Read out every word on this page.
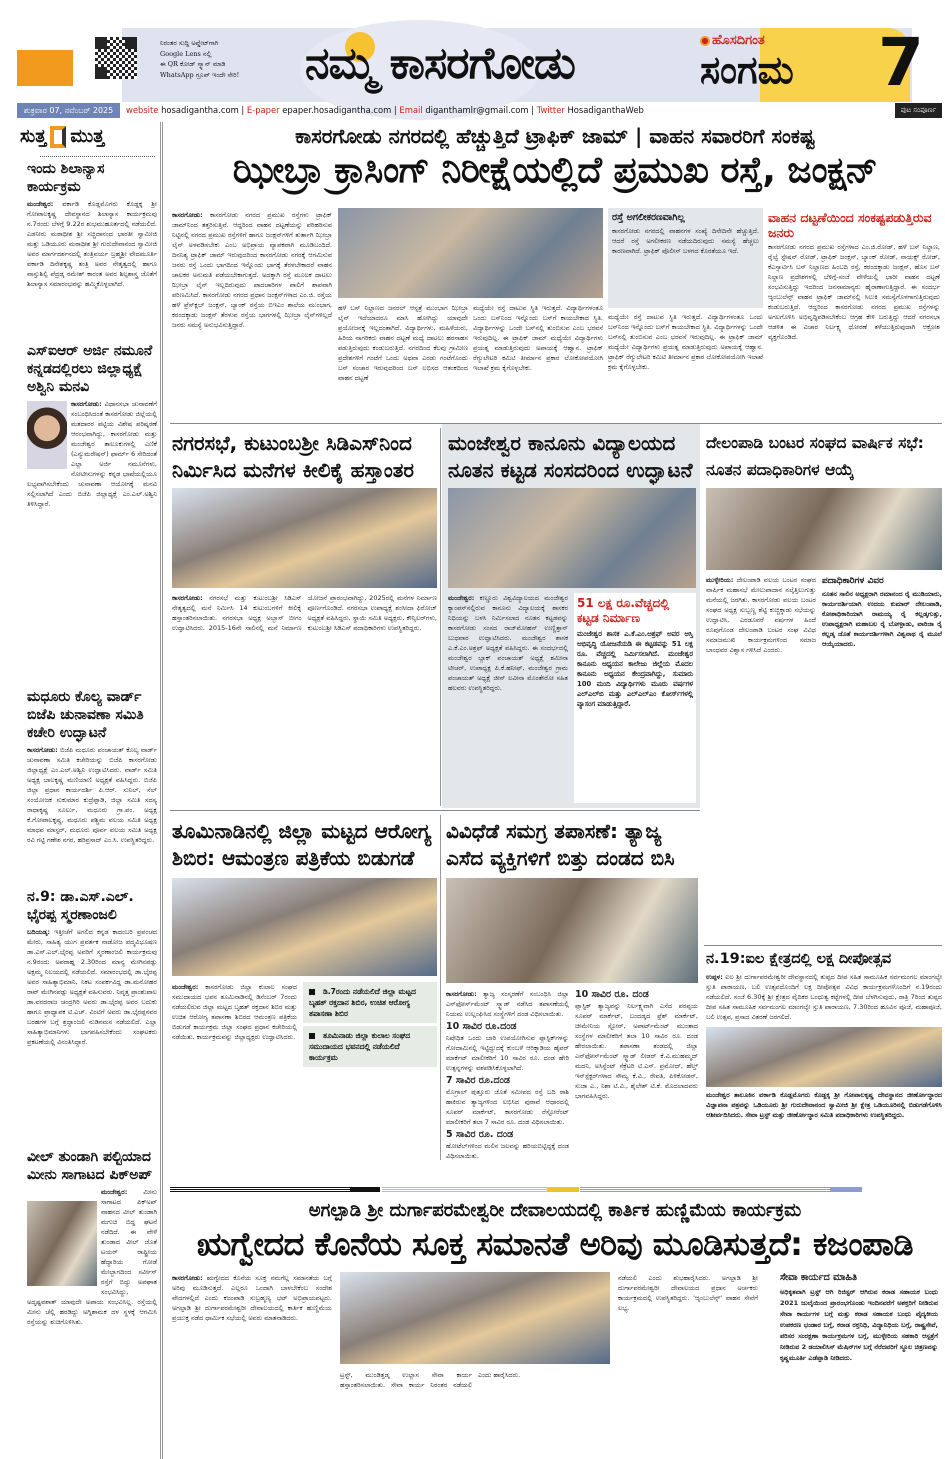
ನಿರಂತರ ಸುದ್ದಿ ಅಪ್ಡೇಟ್‌ಗಾಗಿ
Google Lens ನಲ್ಲಿ
ಈ QR ಕೋಡ್ ಸ್ಕ್ಯಾನ್ ಮಾಡಿ
WhatsApp ಗ್ರೂಪ್ ಇಂದೇ ಸೇರಿ!	ನಮ್ಮ ಕಾಸರಗೋಡು	ಹೊಸದಿಗಂತ
ಸಂಗಮ 7
ಶುಕ್ರವಾರ 07, ನವೆಂಬರ್ 2025	website hosadigantha.com | E-paper epaper.hosadigantha.com | Email diganthamlr@gmail.com | Twitter HosadiganthaWeb	ಪುಟ ಸಂಪೂರ್ಣ
ಸುತ್ತ ಮುತ್ತ
ಇಂದು ಶಿಲಾನ್ಯಾಸ ಕಾರ್ಯಕ್ರಮ
ಮಂಜೇಶ್ವರ: ವರ್ಕಾಡಿ ಕೊಡ್ಲಮೊಗರು ಕೊಡ್ದಕ್ಕ ಶ್ರೀ ಗೋಪಾಲಕೃಷ್ಣ ದೇವಸ್ಥಾನದ ಶಿಲಾನ್ಯಾಸ ಕಾರ್ಯಕ್ರಮವು ನ.7ರಂದು ಬೆಳಗ್ಗೆ 9.22ರ ಶುಭಮುಹೂರ್ತದಲ್ಲಿ ನಡೆಯಲಿದೆ. ಎಡನೀರು ಮಠಾಧೀಶ ಶ್ರೀ ಸಚ್ಚಿದಾನಂದ ಭಾರತೀ ಸ್ವಾಮೀಜಿ ಮತ್ತು ಒಡಿಯೂರು ಮಠಾಧೀಶ ಶ್ರೀ ಗುರುದೇವಾನಂದ ಸ್ವಾಮೀಜಿ ಅವರ ಮಾರ್ಗದರ್ಶನದಲ್ಲಿ ತಂತ್ರಿವರ್ಯ ಬ್ರಹ್ಮಶ್ರೀ ವೇದಮೂರ್ತಿ ವರ್ಕಾಡಿ ದಿನೇಶಕೃಷ್ಣ ತಂತ್ರಿ ಅವರ ನೇತೃತ್ವದಲ್ಲಿ ಹಾಗೂ ವಾಸ್ತುಶಿಲ್ಪಿ ಪೆದ್ರಡ್ಕ ರಮೇಶ್ ಕಾರಂತ ಅವರ ಶಿಲ್ಪಶಾಸ್ತ್ರ ಜೊತೆಗೆ ಶಿಲಾನ್ಯಾಸ ಸಮಾರಂಭವನ್ನು ಹಮ್ಮಿಕೊಳ್ಳಲಾಗಿದೆ.
ಎಸ್‌ಐಆರ್ ಅರ್ಜಿ ನಮೂನೆ ಕನ್ನಡದಲ್ಲಿರಲು ಜಿಲ್ಲಾಧ್ಯಕ್ಷೆ ಅಶ್ವಿನಿ ಮನವಿ
ಕಾಸರಗೋಡು: ವಿಧಾನಸಭಾ ಚುನಾವಣೆಗೆ ಸಂಬಂಧಿಸಿದಂತೆ ಕಾಸರಗೋಡು ಜಿಲ್ಲೆಯಲ್ಲಿ ಮತದಾರರ ಪಟ್ಟಿಯ ವಿಶೇಷ ಪರಿಷ್ಕರಣೆ ಆರಂಭವಾಗಿದ್ದು, ಕಾಸರಗೋಡು ಮತ್ತು ಮಂಜೇಶ್ವರ ತಾಲೂಕುಗಳಲ್ಲಿ ಎಣಿಕೆ (ಎನ್ಯುಮರೇಷನ್) ಫಾರ್ಮ್ 6 ಸೇರಿದಂತೆ ಎಲ್ಲಾ ಅರ್ಜಿ ನಮೂನೆಗಳು, ನೋಟೀಸುಗಳನ್ನು ಕನ್ನಡ ಭಾಷೆಯಲ್ಲಿಯೂ ಲಭ್ಯವಾಗಿಸಬೇಕೆಂದು ಚುನಾವಣಾ ಆಯೋಗಕ್ಕೆ ಮನವಿ ಸಲ್ಲಿಸಲಾಗಿದೆ ಎಂದು ಬಿಜೆಪಿ ಜಿಲ್ಲಾಧ್ಯಕ್ಷೆ ಎಂ.ಎಲ್.ಅಶ್ವಿನಿ ತಿಳಿಸಿದ್ದಾರೆ.
ಮಧೂರು ಕೊಲ್ಯ ವಾರ್ಡ್ ಬಿಜೆಪಿ ಚುನಾವಣಾ ಸಮಿತಿ ಕಚೇರಿ ಉದ್ಘಾಟನೆ
ಕಾಸರಗೋಡು: ಬಿಜೆಪಿ ಮಧೂರು ಪಂಚಾಯತ್ ಕೊಲ್ಯ ವಾರ್ಡ್ ಚುನಾವಣಾ ಸಮಿತಿ ಕಚೇರಿಯನ್ನು ಬಿಜೆಪಿ ಕಾಸರಗೋಡು ಜಿಲ್ಲಾಧ್ಯಕ್ಷೆ ಎಂ.ಎಲ್.ಅಶ್ವಿನಿ ಉದ್ಘಾಟಿಸಿದರು. ವಾರ್ಡ್ ಸಮಿತಿ ಅಧ್ಯಕ್ಷ ಬಾಲಕೃಷ್ಣ ಮಣಿಯಾಣಿ ಅಧ್ಯಕ್ಷತೆ ವಹಿಸಿದ್ದರು. ಬಿಜೆಪಿ ಜಿಲ್ಲಾ ಪ್ರಧಾನ ಕಾರ್ಯದರ್ಶಿ ಪಿ.ಆರ್. ಸುನಿಲ್, ಸೆಲ್ ಸಂಯೋಜಕ ಸುಕುಮಾರ ಕುದ್ರೆಪ್ಪಾಡಿ, ಜಿಲ್ಲಾ ಸಮಿತಿ ಸದಸ್ಯ ರಾಧಾಕೃಷ್ಣ ಸೂರ್ಲು, ಮಧೂರು ಗ್ರಾ.ಪಂ. ಅಧ್ಯಕ್ಷ ಕೆ.ಗೋಪಾಲಕೃಷ್ಣ, ಮಧೂರು ಪಶ್ಚಿಮ ವಲಯ ಸಮಿತಿ ಅಧ್ಯಕ್ಷ ಮಾಧವ ಮಾಸ್ಟರ್, ಮಧೂರು ಪೂರ್ವ ವಲಯ ಸಮಿತಿ ಅಧ್ಯಕ್ಷ ರವಿ ಗಟ್ಟಿ ಗಣೇಶ ನಗರ, ಹರಿಪ್ರಸಾದ್ ಎಂ.ಸಿ. ಉಪಸ್ಥಿತರಿದ್ದರು.
ನ.9: ಡಾ.ಎಸ್.ಎಲ್. ಭೈರಪ್ಪ ಸ್ಮರಣಾಂಜಲಿ
ಬದಿಯಡ್ಕ: ಇತ್ತೀಚೆಗೆ ಅಗಲಿದ ಕನ್ನಡ ಕಾದಂಬರಿ ಪ್ರಪಂಚದ ಮೇರು, ಸಾಹಿತ್ಯ ಯುಗ ಪ್ರವರ್ತಕ ನಾಡೋಜ ಪದ್ಮವಿಭೂಷಣ ಡಾ.ಎಸ್.ಎಲ್.ಭೈರಪ್ಪ ಅವರಿಗೆ ಸ್ಮರಣಾಂಜಲಿ ಕಾರ್ಯಕ್ರಮವು ನ.9ರಂದು ಅಪರಾಹ್ನ 2.30ರಿಂದ ಮಾನ್ಯ ಮೇಗಿನಪಡ್ಪು ಅಕ್ಷಮ್ಮ ನಿಲಯದಲ್ಲಿ ನಡೆಯಲಿದೆ. ಸಮಾರಂಭದಲ್ಲಿ ಡಾ.ಭೈರಪ್ಪ ಅವರ ಸಾಹಿತ್ಯಾಭಿಮಾನಿ, ನಿಕಟ ಸಂಪರ್ಕವಿದ್ದ ಡಾ.ಮನೋಹರ ರಾವ್ ಮೇಗಿನಪಡ್ಪು ಅಧ್ಯಕ್ಷತೆ ವಹಿಸುವರು. ನಿವೃತ್ತ ಪ್ರಾಂಶುಪಾಲ ಡಾ.ವರದರಾಜ ಚಂದ್ರಗಿರಿ ಅವರು ಡಾ.ಭೈರಪ್ಪ ಅವರ ಬದುಕು ಹಾಗೂ ಪ್ರಾಧ್ಯಾಪಕ ಟಿ.ಎಚ್. ವಿಂಟಿಗೆ ಅವರು ಡಾ.ಭೈರಪ್ಪನವರ ಬರಹಗಳ ಬಗ್ಗೆ ಶ್ರದ್ಧಾಂಜಲಿ ನುಡಿನಮನ ನಡೆಯಲಿದೆ. ಎಲ್ಲಾ ಸಾಹಿತ್ಯಾಭಿಮಾನಿಗಳು ಭಾಗವಹಿಸಬೇಕೆಂದು ಸಂಘಟಕರು ಪ್ರಕಟಣೆಯಲ್ಲಿ ವಿನಂತಿಸಿದ್ದಾರೆ.
ವೀಲ್ ತುಂಡಾಗಿ ಪಲ್ಟಿಯಾದ ಮೀನು ಸಾಗಾಟದ ಪಿಕ್‌ಅಪ್
ಮಂಜೇಶ್ವರ: ಮೀನು ಸಾಗಾಟದ ಪಿಕ್‌ಅಪ್ ವಾಹನದ ವೀಲ್ ತುಂಡಾಗಿ ಮಗುಚಿ ಬಿದ್ದ ಘಟನೆ ನಡೆದಿದೆ. ಈ ವೇಳೆ ತುಂಡಾದ ವೀಲ್ ಜೊತೆ ಟಯರ್ ರಾಷ್ಟ್ರೀಯ ಹೆದ್ದಾರಿಯ ಗೋಡೆ ಮೇಲ್ಭಾಗದಿಂದ ಸರ್ವೀಸ್ ರಸ್ತೆಗೆ ಬಿದ್ದು ಅಪಘಾತ ಸಂಭವಿಸಿದ್ದು, ಅದೃಷ್ಟವಶಾತ್ ಯಾವುದೇ ಅಪಾಯ ಸಂಭವಿಸಿಲ್ಲ. ರಸ್ತೆಯಲ್ಲಿ ಮೀನು ಚೆಲ್ಲಿ ಹರಡಿದ್ದು ಅಗ್ನಿಶಾಮಕ ದಳ ಸ್ಥಳಕ್ಕೆ ಆಗಮಿಸಿ ರಸ್ತೆಯನ್ನು ಶುಚಿಗೊಳಿಸಿತು.
ಕಾಸರಗೋಡು ನಗರದಲ್ಲಿ ಹೆಚ್ಚುತ್ತಿದೆ ಟ್ರಾಫಿಕ್ ಜಾಮ್ | ವಾಹನ ಸವಾರರಿಗೆ ಸಂಕಷ್ಟ
ಝೀಬ್ರಾ ಕ್ರಾಸಿಂಗ್ ನಿರೀಕ್ಷೆಯಲ್ಲಿದೆ ಪ್ರಮುಖ ರಸ್ತೆ, ಜಂಕ್ಷನ್
ಕಾಸರಗೋಡು: ಕಾಸರಗೋಡು ನಗರದ ಪ್ರಮುಖ ರಸ್ತೆಗಳು ಟ್ರಾಫಿಕ್ ಜಾಮ್‌ನಿಂದ ತತ್ತರಿಸುತ್ತಿವೆ. ಆದ್ದರಿಂದ ವಾಹನ ದಟ್ಟಣೆಯನ್ನು ಪರಿಹರಿಸುವ ನಿಟ್ಟಿನಲ್ಲಿ ನಗರದ ಪ್ರಮುಖ ರಸ್ತೆಗಳಿಗೆ ಹಾಗೂ ಜಂಕ್ಷನ್‌ಗಳಿಗೆ ತುರ್ತಾಗಿ ಝೀಬ್ರಾ ಲೈನ್ ಅಳವಡಿಸಬೇಕು ಎಂಬ ಅಭಿಪ್ರಾಯ ವ್ಯಾಪಕವಾಗಿ ಮೂಡಿಬಂದಿದೆ. ದಿನನಿತ್ಯ ಟ್ರಾಫಿಕ್ ಜಾಮ್ ಇರುವುದರಿಂದ ಕಾಸರಗೋಡು ನಗರಕ್ಕೆ ಆಗಮಿಸುವ ಜನರು ರಸ್ತೆ ಒಂದು ಭಾಗದಿಂದ ಇನ್ನೊಂದು ಭಾಗಕ್ಕೆ ತೆರಳಬೇಕಾದರೆ ವಾಹನ ಚಾಲಕರ ಅನುಮತಿ ಪಡೆಯಬೇಕಾಗುತ್ತದೆ. ಅದಕ್ಕಾಗಿ ರಸ್ತೆ ಮೂಲಕ ದಾಟಲು ಝೀಬ್ರಾ ಲೈನ್ ಇಲ್ಲದಿರುವುದು ಪಾದಚಾರಿಗಳ ಪಾಲಿಗೆ ಶಾಪವಾಗಿ ಪರಿಣಮಿಸಿದೆ. ಕಾಸರಗೋಡು ನಗರದ ಪ್ರಧಾನ ಜಂಕ್ಷನ್‌ಗಳಾದ ಎಂ.ಜಿ. ರಸ್ತೆಯ ಹಳೆ ಪ್ರೆಸ್‌ಕ್ಲಬ್ ಜಂಕ್ಷನ್, ಬ್ಯಾಂಕ್ ರಸ್ತೆಯ ಬಿಇಎಂ ಶಾಲೆಯ ಮುಂಭಾಗ, ಕರಂದಕ್ಕಾಡು ಜಂಕ್ಷನ್ ತೆರಳುವ ರಸ್ತೆಯ ಭಾಗಗಳಲ್ಲಿ ಝೀಬ್ರಾ ಲೈನ್‌ಗಳಿಲ್ಲದೆ ಜನರು ಸಮಸ್ಯೆ ಅನುಭವಿಸುತ್ತಿದ್ದಾರೆ.
ಹಳೆ ಬಸ್ ನಿಲ್ದಾಣದ ಜನರಲ್ ಆಸ್ಪತ್ರೆ ಮುಂಭಾಗ ಝೀಬ್ರಾ ಲೈನ್ ಇದೆಯಾದರೂ ಮಾಸಿ ಹೋಗಿದ್ದು ಯಾವುದೇ ಪ್ರಯೋಜನಕ್ಕೆ ಇಲ್ಲದಂತಾಗಿದೆ. ವಿದ್ಯಾರ್ಥಿಗಳು, ಮಹಿಳೆಯರು, ಹಿರಿಯ ನಾಗರಿಕರು ವಾಹನ ದಟ್ಟಣೆ ಮಧ್ಯೆ ದಾಟಲು ಹರಸಾಹಸ ಪಡುತ್ತಿರುವುದು ಕಂಡುಬರುತ್ತಿದೆ. ನಗರದಿಂದ ಕೆಲವು ಗ್ರಾಮೀಣ ಪ್ರದೇಶಗಳಿಗೆ ಗಂಟೆಗೆ ಒಂದು ಅಥವಾ ಎರಡು ಗಂಟೆಗೊಂದು ಬಸ್ ಸಂಚಾರ ಇರುವುದರಿಂದ ಬಸ್ ಲಭಿಸದ ಆತಂಕದಿಂದ ವಾಹನ ದಟ್ಟಣೆ
ಮಧ್ಯೆಯೇ ರಸ್ತೆ ದಾಟುವ ಸ್ಥಿತಿ ಇರುತ್ತದೆ. ವಿದ್ಯಾರ್ಥಿಗಳಂತೂ ಒಂದು ಬಸ್‌ನಿಂದ ಇನ್ನೊಂದು ಬಸ್‌ಗೆ ಕಾಯಬೇಕಾದ ಸ್ಥಿತಿ. ವಿದ್ಯಾರ್ಥಿಗಳನ್ನು ಒಂದೇ ಬಸ್‌ನಲ್ಲಿ ತುಂಬಿಸುವ ಎಂಬ ಭರವಸೆ ಇರುವುದಿಲ್ಲ. ಈ ಟ್ರಾಫಿಕ್ ಜಾಮ್ ಮಧ್ಯೆಯೇ ವಿದ್ಯಾರ್ಥಿಗಳು ಪ್ರಯತ್ನ ಮಾಡುತ್ತಿರುವುದು ಅಪಾಯಕ್ಕೆ ಆಹ್ವಾನ. ಟ್ರಾಫಿಕ್ ರೆಗ್ಯುಲೇಟರಿ ಕಮಿಟಿ ತೀರ್ಮಾನ ಪ್ರಕಾರ ಲೋಕೋಪಯೋಗಿ ಇಲಾಖೆ ಕ್ರಮ ಕೈಗೊಳ್ಳಬೇಕು.
ರಸ್ತೆ ಅಗಲೀಕರಣವಾಗಿಲ್ಲ
ಕಾಸರಗೋಡು ನಗರದಲ್ಲಿ ವಾಹನಗಳ ಸಂಖ್ಯೆ ದಿನೇದಿನೇ ಹೆಚ್ಚುತ್ತಿದೆ. ಆದರೆ ರಸ್ತೆ ಅಗಲೀಕರಣ ನಡೆಯದಿರುವುದು ಸಮಸ್ಯೆ ಹೆಚ್ಚಲು ಕಾರಣವಾಗಿದೆ. ಟ್ರಾಫಿಕ್ ಪೊಲೀಸ್ ಬಳಗದ ಕೊರತೆಯೂ ಇದೆ.
ಮಧ್ಯೆಯೇ ರಸ್ತೆ ದಾಟುವ ಸ್ಥಿತಿ ಇರುತ್ತದೆ. ವಿದ್ಯಾರ್ಥಿಗಳಂತೂ ಒಂದು ಬಸ್‌ನಿಂದ ಇನ್ನೊಂದು ಬಸ್‌ಗೆ ಕಾಯಬೇಕಾದ ಸ್ಥಿತಿ. ವಿದ್ಯಾರ್ಥಿಗಳನ್ನು ಒಂದೇ ಬಸ್‌ನಲ್ಲಿ ತುಂಬಿಸುವ ಎಂಬ ಭರವಸೆ ಇರುವುದಿಲ್ಲ. ಈ ಟ್ರಾಫಿಕ್ ಜಾಮ್ ಮಧ್ಯೆಯೇ ವಿದ್ಯಾರ್ಥಿಗಳು ಪ್ರಯತ್ನ ಮಾಡುತ್ತಿರುವುದು ಅಪಾಯಕ್ಕೆ ಆಹ್ವಾನ. ಟ್ರಾಫಿಕ್ ರೆಗ್ಯುಲೇಟರಿ ಕಮಿಟಿ ತೀರ್ಮಾನ ಪ್ರಕಾರ ಲೋಕೋಪಯೋಗಿ ಇಲಾಖೆ ಕ್ರಮ ಕೈಗೊಳ್ಳಬೇಕು.
ವಾಹನ ದಟ್ಟಣೆಯಿಂದ ಸಂಕಷ್ಟಪಡುತ್ತಿರುವ ಜನರು
ಕಾಸರಗೋಡು ನಗರದ ಪ್ರಮುಖ ರಸ್ತೆಗಳಾದ ಎಂ.ಜಿ.ರೋಡ್, ಹಳೆ ಬಸ್ ನಿಲ್ದಾಣ, ರೈಲ್ವೆ ಸ್ಟೇಷನ್ ರೋಡ್, ಟ್ರಾಫಿಕ್ ಜಂಕ್ಷನ್, ಬ್ಯಾಂಕ್ ರೋಡ್, ನಾಯಕ್ಸ್ ರೋಡ್, ಕೆಎಸ್ಸಾರ್ಟಿಸಿ ಬಸ್ ನಿಲ್ದಾಣದ ಹಿಂಬದಿ ರಸ್ತೆ, ಕರಂದಕ್ಕಾಡು ಜಂಕ್ಷನ್, ಹೊಸ ಬಸ್ ನಿಲ್ದಾಣ ಪ್ರದೇಶಗಳಲ್ಲಿ ಬೆಳಿಗ್ಗೆ-ಸಂಜೆ ವೇಳೆಯಲ್ಲಿ ಭಾರೀ ವಾಹನ ದಟ್ಟಣೆ ಸಂಭವಿಸುತ್ತಿದ್ದು ಇದರಿಂದ ಜನಸಾಮಾನ್ಯರು ಹೈರಾಣಾಗುತ್ತಿದ್ದಾರೆ. ಈ ಸಂದರ್ಭ ಆ್ಯಂಬುಲೆನ್ಸ್ ವಾಹನ ಟ್ರಾಫಿಕ್ ಜಾಮ್‌ನಲ್ಲಿ ಸಿಲುಕಿ ಸಮಸ್ಯೆಗೊಳಗಾಗುತ್ತಿರುವುದು ಕಂಡುಬರುತ್ತಿದೆ. ಆದ್ದರಿಂದ ಕಾಸರಗೋಡು ನಗರದ ಪ್ರಮುಖ ರಸ್ತೆಗಳನ್ನು ಅಗಲಗೊಳಿಸಿ ಅಭಿವೃದ್ಧಿಪಡಿಸಬೇಕೆಂಬ ಆಗ್ರಹ ಕೇಳಿ ಬರುತ್ತಿದ್ದು ಆದರೆ ನಗರಸಭಾ ಆಡಳಿತ ಈ ವಿಚಾರ ನಿರ್ಲಕ್ಷ್ಯ ಧೋರಣೆ ತಳೆಯುತ್ತಿರುವುದಾಗಿ ಆಕ್ರೋಶ ವ್ಯಕ್ತಗೊಂಡಿದೆ.
ನಗರಸಭೆ, ಕುಟುಂಬಶ್ರೀ ಸಿಡಿಎಸ್‌ನಿಂದ ನಿರ್ಮಿಸಿದ ಮನೆಗಳ ಕೀಲಿಕೈ ಹಸ್ತಾಂತರ
ಕಾಸರಗೋಡು: ನಗರಸಭೆ ಮತ್ತು ಕುಟುಂಬಶ್ರೀ ಸಿಡಿಎಸ್ ನೇತೃತ್ವದಲ್ಲಿ ಮನೆ ನಿರ್ಮಿಸಿ 14 ಕುಟುಂಬಗಳಿಗೆ ಕೀಲಿಕೈ ಹಸ್ತಾಂತರಿಸಲಾಯಿತು. ನಗರಸಭಾ ಅಧ್ಯಕ್ಷ ಅಬ್ಬಾಸ್ ಬೀಗಂ ಉದ್ಘಾಟಿಸಿದರು. 2015-16ನೇ ಸಾಲಿನಲ್ಲಿ ಮನೆ ನಿರ್ಮಾಣ ಯೋಜನೆ ಪ್ರಾರಂಭವಾಗಿದ್ದು, 2025ರಲ್ಲಿ ಮನೆಗಳ ನಿರ್ಮಾಣ ಪೂರ್ಣಗೊಂಡಿದೆ. ನಗರಸಭಾ ಉಪಾಧ್ಯಕ್ಷೆ ಶಂಸೀದಾ ಫಿರೋಜ್ ಅಧ್ಯಕ್ಷತೆ ವಹಿಸಿದ್ದರು. ಸ್ಥಾಯಿ ಸಮಿತಿ ಅಧ್ಯಕ್ಷರು, ಕೌನ್ಸಿಲರ್‌ಗಳು, ಕುಟುಂಬಶ್ರೀ ಸಿಡಿಎಸ್ ಪದಾಧಿಕಾರಿಗಳು ಉಪಸ್ಥಿತರಿದ್ದರು.
ಮಂಜೇಶ್ವರ ಕಾನೂನು ವಿದ್ಯಾಲಯದ ನೂತನ ಕಟ್ಟಡ ಸಂಸದರಿಂದ ಉದ್ಘಾಟನೆ
ಮಂಜೇಶ್ವರ: ಕಣ್ಣೂರು ವಿಶ್ವವಿದ್ಯಾಲಯದ ಮಂಜೇಶ್ವರ ಕ್ಯಾಂಪಸ್‌ನಲ್ಲಿರುವ ಕಾನೂನು ವಿದ್ಯಾಲಯಕ್ಕೆ ಶಾಸಕರ ನಿಧಿಯನ್ನು ಬಳಸಿ ನಿರ್ಮಿಸಲಾದ ನೂತನ ಕಟ್ಟಡವನ್ನು ಕಾಸರಗೋಡು ಸಂಸದ ರಾಜ್‌ಮೋಹನ್ ಉಣ್ಣಿತ್ತಾನ್ ಬುಧವಾರ ಉದ್ಘಾಟಿಸಿದರು. ಮಂಜೇಶ್ವರ ಶಾಸಕ ಎ.ಕೆ.ಎಂ.ಅಶ್ರಫ್ ಅಧ್ಯಕ್ಷತೆ ವಹಿಸಿದ್ದರು. ಈ ಸಂದರ್ಭದಲ್ಲಿ ಮಂಜೇಶ್ವರ ಬ್ಲಾಕ್ ಪಂಚಾಯತ್ ಅಧ್ಯಕ್ಷೆ ಶಮೀನಾ ಟೀಚರ್, ಉಪಾಧ್ಯಕ್ಷ ಪಿ.ಕೆ.ಹನೀಫ್, ಮಂಜೇಶ್ವರ ಗ್ರಾಮ ಪಂಚಾಯತ್ ಅಧ್ಯಕ್ಷೆ ಜೀನ್ ಲವೀನಾ ಮೊಂತೇರೋ ಸಹಿತ ಹಲವರು ಉಪಸ್ಥಿತರಿದ್ದರು.
51 ಲಕ್ಷ ರೂ.ವೆಚ್ಚದಲ್ಲಿ ಕಟ್ಟಡ ನಿರ್ಮಾಣ
ಮಂಜೇಶ್ವರ ಶಾಸಕ ಎ.ಕೆ.ಎಂ.ಅಶ್ರಫ್ ಅವರ ಆಸ್ತಿ ಅಭಿವೃದ್ಧಿ ಯೋಜನೆಯಡಿ ಈ ಕಟ್ಟಡವನ್ನು 51 ಲಕ್ಷ ರೂ. ವೆಚ್ಚದಲ್ಲಿ ನಿರ್ಮಿಸಲಾಗಿದೆ. ಮಂಜೇಶ್ವರ ಕಾನೂನು ಅಧ್ಯಯನ ಕಾಲೇಜು ಜಿಲ್ಲೆಯ ಮೊದಲ ಕಾನೂನು ಅಧ್ಯಯನ ಕೇಂದ್ರವಾಗಿದ್ದು, ಸುಮಾರು 100 ಮಂದಿ ವಿದ್ಯಾರ್ಥಿಗಳು ಮೂರು ವರ್ಷಗಳ ಎಲ್‌ಎಲ್‌ಬಿ ಮತ್ತು ಎಲ್‌ಎಲ್‌ಎಂ ಕೋರ್ಸ್‌ಗಳಲ್ಲಿ ವ್ಯಾಸಂಗ ಮಾಡುತ್ತಿದ್ದಾರೆ.
ದೇಲಂಪಾಡಿ ಬಂಟರ ಸಂಘದ ವಾರ್ಷಿಕ ಸಭೆ: ನೂತನ ಪದಾಧಿಕಾರಿಗಳ ಆಯ್ಕೆ
ಮುಳ್ಳೇರಿಯ: ದೇಲಂಪಾಡಿ ವಲಯ ಬಂಟರ ಸಂಘದ ವಾರ್ಷಿಕ ಮಹಾಸಭೆ ಮೇಲುಪಾದಾನ ನಲ್ಕೆತ್ತಿಲುಗುತ್ತು ಮನೆಯಲ್ಲಿ ಜರಗಿತು. ಕಾಸರಗೋಡು ವಲಯ ಬಂಟರ ಸಂಘದ ಅಧ್ಯಕ್ಷ ಸುಬ್ಬಣ್ಣ ಶೆಟ್ಟಿ ಕುಚ್ಚಿಕ್ಕಾಡು ಸಭೆಯನ್ನು ಉದ್ಘಾಟಿಸಿ, ಎರಡೂವರೆ ವರ್ಷಗಳ ಹಿಂದೆ ರೂಪುಗೊಂಡ ದೇಲಂಪಾಡಿ ಬಂಟರ ಸಂಘ ವಿವಿಧ ಸಮಾಜಮುಖಿ ಕಾರ್ಯಕ್ರಮಗಳಿಂದ ಸಮಾಜ ಬಾಂಧವರ ವಿಶ್ವಾಸ ಗಳಿಸಿದೆ ಎಂದರು.
ಪದಾಧಿಕಾರಿಗಳ ವಿವರ
ನೂತನ ಸಾಲಿನ ಅಧ್ಯಕ್ಷರಾಗಿ ರಮಾನಂದ ರೈ ಮುಡಿಯಾರು, ಕಾರ್ಯದರ್ಶಿಯಾಗಿ ಉದಯ ಕುಮಾರ್ ದೇಲಂಪಾಡಿ, ಕೋಶಾಧಿಕಾರಿಯಾಗಿ ರಾಮಯ್ಯ ರೈ ಕಲ್ಲಡ್ಕಗುತ್ತು, ಉಪಾಧ್ಯಕ್ಷರಾಗಿ ಮಹಾಬಲ ರೈ ಬೋಳ್ಪಾಡು, ವಾರಿಜಾ ರೈ ಕಲ್ಲಡ್ಕ ಜೊತೆ ಕಾರ್ಯದರ್ಶಿಗಳಾಗಿ ವಿಶ್ವನಾಥ ರೈ ಮೂಲೆ ಆಯ್ಕೆಯಾದರು.
ತೂಮಿನಾಡಿನಲ್ಲಿ ಜಿಲ್ಲಾ ಮಟ್ಟದ ಆರೋಗ್ಯ ಶಿಬಿರ: ಆಮಂತ್ರಣ ಪತ್ರಿಕೆಯ ಬಿಡುಗಡೆ
ಮಂಜೇಶ್ವರ: ಕಾಸರಗೋಡು ಜಿಲ್ಲಾ ಕುಲಾಲ ಸಂಘದ ಸಮುದಾಯದ ಭವನ ತೂಮಿನಾಡಿನಲ್ಲಿ ಡಿಸೆಂಬರ್ 7ರಂದು ನಡೆಯಲಿರುವ ಜಿಲ್ಲಾ ಮಟ್ಟದ ಬೃಹತ್ ರಕ್ತದಾನ ಶಿಬಿರ ಮತ್ತು ಉಚಿತ ಆರೋಗ್ಯ ತಪಾಸಣಾ ಶಿಬಿರದ ಆಮಂತ್ರಣ ಪತ್ರಿಕೆಯ ಬಿಡುಗಡೆ ಕಾರ್ಯಕ್ರಮ ಜಿಲ್ಲಾ ಸಂಘದ ಪ್ರಧಾನ ಕಚೇರಿಯಲ್ಲಿ ನಡೆಯಿತು. ಕಾರ್ಯಕ್ರಮವನ್ನು ಜಿಲ್ಲಾಧ್ಯಕ್ಷರು ಉದ್ಘಾಟಿಸಿದರು.
ಡಿ.7ರಂದು ನಡೆಯಲಿದೆ ಜಿಲ್ಲಾ ಮಟ್ಟದ ಬೃಹತ್ ರಕ್ತದಾನ ಶಿಬಿರ, ಉಚಿತ ಆರೋಗ್ಯ ತಪಾಸಣಾ ಶಿಬಿರ
ತೂಮಿನಾಡು ಜಿಲ್ಲಾ ಕುಲಾಲ ಸಂಘದ ಸಮುದಾಯದ ಭವನದಲ್ಲಿ ನಡೆಯಲಿದೆ ಕಾರ್ಯಕ್ರಮ
ವಿವಿಧೆಡೆ ಸಮಗ್ರ ತಪಾಸಣೆ: ತ್ಯಾಜ್ಯ ಎಸೆದ ವ್ಯಕ್ತಿಗಳಿಗೆ ಬಿತ್ತು ದಂಡದ ಬಿಸಿ
ಕಾಸರಗೋಡು: ತ್ಯಾಜ್ಯ ಸಂಸ್ಕರಣೆಗೆ ಸಂಬಂಧಿಸಿ ಜಿಲ್ಲಾ ಎನ್‌ಫೋರ್ಸ್‌ಮೆಂಟ್ ಸ್ಕ್ವಾಡ್ ನಡೆಸಿದ ತಪಾಸಣೆಯಲ್ಲಿ ನಿಯಮ ಉಲ್ಲಂಘಿಸಿದ ಸಂಸ್ಥೆಗಳಿಗೆ ದಂಡ ವಿಧಿಸಲಾಯಿತು.
10 ಸಾವಿರ ರೂ.ದಂಡ
ನಿಷೇಧಿತ ಒಂದು ಬಾರಿ ಉಪಯೋಗಿಸುವ ಪ್ಲಾಸ್ಟಿಕ್‌ಗಳನ್ನು ಗೋದಾಮಿನಲ್ಲಿ ಇಟ್ಟಿದ್ದುದಕ್ಕೆ ಕುಂಬಳೆ ಆರಿಕ್ಕಾಡಿಯ ಹೈಪರ್ ಮಾರ್ಕೆಟ್ ಮಾಲೀಕರಿಗೆ 10 ಸಾವಿರ ರೂ. ದಂಡ ಹೇರಿ ಉತ್ಪನ್ನಗಳನ್ನು ವಶಪಡಿಸಿಕೊಳ್ಳಲಾಗಿದೆ.
7 ಸಾವಿರ ರೂ.ದಂಡ
ಮೊಗ್ರಾಲ್ ಪುತ್ತೂರು ಜೊತೆ ಸಮೀಪದ ರಸ್ತೆ ಬದಿ ರಾಶಿ ಹಾಕಿರುವ ತ್ಯಾಜ್ಯಗಳಿಂದ ಲಭಿಸಿದ ಪುರಾವೆ ಆಧಾರದಲ್ಲಿ ಸೂಪರ್ ಮಾರ್ಕೆಟ್, ಕಾಸರಗೋಡು ರೆಸ್ಟೋರೆಂಟ್ ಮಾಲೀಕರಿಗೆ ತಲಾ 7 ಸಾವಿರ ರೂ. ದಂಡ ವಿಧಿಸಲಾಯಿತು.
5 ಸಾವಿರ ರೂ. ದಂಡ
ಹೋಟೆಲ್‌ಗಳಿಂದ ಮಲಿನ ಜಲವನ್ನು ಹರಿಯಬಿಟ್ಟಿದ್ದಕ್ಕೆ ದಂಡ ವಿಧಿಸಲಾಯಿತು.
10 ಸಾವಿರ ರೂ. ದಂಡ
ಪ್ಲಾಸ್ಟಿಕ್ ತ್ಯಾಜ್ಯವನ್ನು ನಿರ್ಲಕ್ಷ್ಯವಾಗಿ ಎಸೆದ ಪರಪ್ಪಯ ಸೂಪರ್ ಮಾರ್ಕೆಟ್, ಬಂದಡ್ಕದ ಫ್ರೆಶ್ ಮಾರ್ಕೆಟ್, ಚೀಮೇನಿಯ ಸ್ಟೋರ್, ಅಪಾರ್ಟ್‌ಮೆಂಟ್ ಮುಂತಾದ ಸಂಸ್ಥೆಗಳ ಮಾಲೀಕರಿಗೆ ತಲಾ 10 ಸಾವಿರ ರೂ. ದಂಡ ಹೇರಲಾಯಿತು. ತಪಾಸಣಾ ತಂಡದಲ್ಲಿ ಜಿಲ್ಲಾ ಎನ್‌ಫೋರ್ಸ್‌ಮೆಂಟ್ ಸ್ಕ್ವಾಡ್ ಲೀಡರ್ ಕೆ.ವಿ.ಮುಹಮ್ಮದ್ ಮದನಿ, ಅಸಿಸ್ಟೆಂಟ್ ಸೆಕ್ರೆಟರಿ ಟಿ.ಎಸ್. ಪ್ರಮೋದ್, ಹೆಲ್ತ್ ಇನ್‌ಸ್ಪೆಕ್ಟರ್‌ಗಳಾದ ಸೌಮ್ಯ ಕೆ.ವಿ., ರೇವತಿ, ಪಿಳಿಕೋಡನ್, ಸುಜಾ ಎ., ನಿಶಾ ಟಿ.ವಿ., ಶೈಲೇಶ್ ಟಿ.ಕೆ. ಮೊದಲಾದವರು ಭಾಗವಹಿಸಿದ್ದರು.
ನ.19:ಐಲ ಕ್ಷೇತ್ರದಲ್ಲಿ ಲಕ್ಷ ದೀಪೋತ್ಸವ
ಉಪ್ಪಳ: ಐಲ ಶ್ರೀ ದುರ್ಗಾಪರಮೇಶ್ವರೀ ದೇವಸ್ಥಾನದಲ್ಲಿ ತುಪ್ಪದ ದೀಪ ಸಹಿತ ಸಾಮೂಹಿಕ ಸರ್ವಮಂಗಲ ಮಾಂಗಲ್ಯೇ ಸ್ತುತಿ ಪಾರಾಯಣ, ಬಲಿ ಉತ್ಸವದೊಂದಿಗೆ ಲಕ್ಷ ದೀಪೋತ್ಸವ ವಿವಿಧ ಕಾರ್ಯಕ್ರಮಗಳೊಂದಿಗೆ ನ.19ರಂದು ನಡೆಯಲಿದೆ. ಸಂಜೆ 6.30ಕ್ಕೆ ಶ್ರೀ ಕ್ಷೇತ್ರದ ವೈದಿಕರ ಬಂಧುತ್ವ ಕಟ್ಟೆಗಳಲ್ಲಿ ದೀಪ ಬೆಳಗಿಸುವುದು, ರಾತ್ರಿ 7ರಿಂದ ತುಪ್ಪದ ದೀಪ ಸಹಿತ ಸಾಮೂಹಿಕ ಸರ್ವಮಂಗಲ ಮಾಂಗಲ್ಯೇ ಸ್ತುತಿ ಪಾರಾಯಣ, 7.30ರಿಂದ ಹೂವಿನ ಪೂಜೆ, ಮಹಾಪೂಜೆ, ಬಲಿ ಉತ್ಸವ, ಪ್ರಸಾದ ವಿತರಣೆ ಜರಗಲಿದೆ.
ಮಂಜೇಶ್ವರ ತಾಲೂಕಿನ ವರ್ಕಾಡಿ ಕೊಡ್ಲಮೊಗರು ಕೊಡ್ದಕ್ಕ ಶ್ರೀ ಗೋಪಾಲಕೃಷ್ಣ ದೇವಸ್ಥಾನದ ಜೀರ್ಣೋದ್ಧಾರದ ವಿಜ್ಞಾಪನಾ ಪತ್ರವನ್ನು ಒಡಿಯೂರು ಶ್ರೀ ಗುರುದೇವಾನಂದ ಸ್ವಾಮೀಜಿ ಶ್ರೀ ಕ್ಷೇತ್ರ ಒಡಿಯೂರಿನಲ್ಲಿ ಬಿಡುಗಡೆಗೊಳಿಸಿ ಆಶೀರ್ವದಿಸಿದರು. ಸೇವಾ ಟ್ರಸ್ಟ್ ಮತ್ತು ಜೀರ್ಣೋದ್ಧಾರ ಸಮಿತಿ ಪದಾಧಿಕಾರಿಗಳು ಉಪಸ್ಥಿತರಿದ್ದರು.
ಅಗಲ್ಪಾಡಿ ಶ್ರೀ ದುರ್ಗಾಪರಮೇಶ್ವರೀ ದೇವಾಲಯದಲ್ಲಿ ಕಾರ್ತಿಕ ಹುಣ್ಣಿಮೆಯ ಕಾರ್ಯಕ್ರಮ
ಋಗ್ವೇದದ ಕೊನೆಯ ಸೂಕ್ತ ಸಮಾನತೆ ಅರಿವು ಮೂಡಿಸುತ್ತದೆ: ಕಜಂಪಾಡಿ
ಕಾಸರಗೋಡು: ಋಗ್ವೇದದ ಕೊನೆಯ ಸೂಕ್ತ ನಮಗೆಲ್ಲ ಸಮಾನತೆಯ ಬಗ್ಗೆ ಅರಿವು ಮೂಡಿಸುತ್ತದೆ. ಎಲ್ಲರೂ ಒಂದಾಗಿ ಬಾಳಬೇಕೆಂಬ ಸಂದೇಶ ವೇದಗಳಲ್ಲಿದೆ ಎಂದು ಕಜಂಪಾಡಿ ಸುಬ್ರಹ್ಮಣ್ಯ ಭಟ್ ಅಭಿಪ್ರಾಯಪಟ್ಟರು. ಅಗಲ್ಪಾಡಿ ಶ್ರೀ ದುರ್ಗಾಪರಮೇಶ್ವರೀ ದೇವಾಲಯದಲ್ಲಿ ಕಾರ್ತಿಕ ಹುಣ್ಣಿಮೆಯ ಪ್ರಯುಕ್ತ ನಡೆದ ಧಾರ್ಮಿಕ ಸಭೆಯಲ್ಲಿ ಅವರು ಮಾತನಾಡಿದರು.
ಟ್ರಸ್ಟ್, ಮುಂಡಿತ್ತಡ್ಕ ಉಲ್ಲಾಸ ಸೇವಾ ಕಾರ್ಯ ಹಸ್ತಾಂತರಿಸಲಾಯಿತು. ಸೇವಾ ಕಾರ್ಯ ನಿರಂತರ ನಡೆಯಲಿ ಎಂದು ಹಾರೈಸಿದರು.
ನಡೆಯಲಿ ಎಂದು ಶುಭಹಾರೈಸಿದರು. ಅಗಲ್ಪಾಡಿ ಶ್ರೀ ದುರ್ಗಾಪರಮೇಶ್ವರೀ ದೇವಾಲಯದ ಪ್ರಧಾನ ಅರ್ಚಕರು ಕಾರ್ಯಕ್ರಮದಲ್ಲಿ ಉಪಸ್ಥಿತರಿದ್ದರು. 'ಆ್ಯಂಬುಲೆನ್ಸ್' ವಾಹನ ಸೇವೆಗೆ ಲಭ್ಯ.
ಸೇವಾ ಕಾರ್ಯದ ಮಾಹಿತಿ
ಅಧಿಕೃತವಾಗಿ ಟ್ರಸ್ಟ್ ಆಗಿ ರಿಜಿಸ್ಟರ್ ಆಗಿರುವ ಕರಾಡ ಸಹಾಯಕ ಬಂಧು 2021 ಜುಲೈಯಿಂದ ಪ್ರಾರಂಭಗೊಂಡು ಇಂದಿನವರೆಗೆ ಅಶಕ್ತರಿಗೆ ನೀಡಿರುವ ಸೇವಾ ಕಾರ್ಯಗಳ ಬಗ್ಗೆ ಮತ್ತು ಕರಾಡ ಸಹಾಯಕ ಬಂಧು ವೈದ್ಯಕೀಯ ಉಪಕರಣ ಭಂಡಾರ ಬಗ್ಗೆ, ಕರಾಡ ರಕ್ತನಿಧಿ, ವಿದ್ಯಾನಿಧಿಯ ಬಗ್ಗೆ, ರಾಷ್ಟ್ರಸೇವೆ, ಪರಿಸರ ಸಂರಕ್ಷಣಾ ಕಾರ್ಯಕ್ರಮಗಳ ಬಗ್ಗೆ, ಮುಳ್ಳೇರಿಯ ಸಹಕಾರಿ ಆಸ್ಪತ್ರೆಗೆ ನೀಡಿರುವ 2 ಡಯಾಲಿಸಿಸ್ ಮೆಷಿನ್‌ಗಳ ಬಗ್ಗೆ ನೆರೆದವರಿಗೆ ಸ್ಥೂಲ ಚಿತ್ರಣವನ್ನು ಕೃಷ್ಣಮೂರ್ತಿ ಎಡೆಪ್ಪಾಡಿ ನೀಡಿದರು.
